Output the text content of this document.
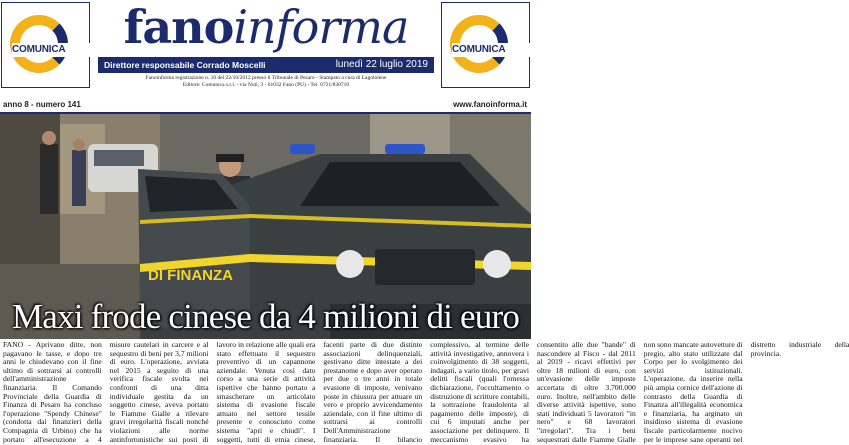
COMUNICA	fanoinforma
Direttore responsabile Corrado Moscelli	lunedì 22 luglio 2019
Fanoinforma registrazione n. 10 del 22/10/2012 presso il Tribunale di Pesaro - Stampato a cura di Lagotolene
Editore: Comunica s.r.l. - via Nuti, 3 - 61032 Fano (PU) - Tel. 0721/830710
COMUNICA
anno 8 - numero 141	www.fanoinforma.it
DI FINANZA
Maxi frode cinese da 4 milioni di euro
FANO - Aprivano ditte, non pagavano le tasse, e dopo tre anni le chiudevano con il fine ultimo di sottrarsi ai controlli dell'amministrazione finanziaria. Il Comando Provinciale della Guardia di Finanza di Pesaro ha concluso l'operazione "Spendy Chinese" (condotta dai finanzieri della Compagnia di Urbino) che ha portato all'esecuzione a 4 misure cautelari in carcere e al sequestro di beni per 3,7 milioni di euro. L'operazione, avviata nel 2015 a seguito di una verifica fiscale svolta nei confronti di una ditta individuale gestita da un soggetto cinese, aveva portato le Fiamme Gialle a rilevare gravi irregolarità fiscali nonché violazioni alle norme antinfortunistiche sui posti di lavoro in relazione alle quali era stato effettuato il sequestro preventivo di un capannone aziendale. Venuta così dato corso a una serie di attività ispettive che hanno portato a smascherare un articolato sistema di evasione fiscale attuato nel settore tessile presente e conosciuto come sistema "apri e chiudi". I soggetti, tutti di etnia cinese, facenti parte di due distinte associazioni delinquenziali, gestivano ditte intestate a dei prestanome e dopo aver operato per due o tre anni in totale evasione di imposte, venivano poste in chiusura per attuare un vero e proprio avvicendamento aziendale, con il fine ultimo di sottrarsi ai controlli Dell'Amministrazione finanziaria. Il bilancio complessivo, al termine delle attività investigative, annovera i coinvolgimento di 38 soggetti, indagati, a vario titolo, per gravi delitti fiscali (quali l'omessa dichiarazione, l'occultamento o distruzione di scritture contabili, la sottrazione fraudolenta al pagamento delle imposte), di cui 6 imputati anche per associazione per delinquere. Il meccanismo evasivo ha consentito alle due "bande" di nascondere al Fisco - dal 2011 al 2019 - ricavi effettivi per oltre 18 milioni di euro, con un'evasione delle imposte accertata di oltre 3.700.000 euro. Inoltre, nell'ambito delle diverse attività ispettive, sono stati individuati 5 lavoratori "in nero" e 68 lavoratori "irregolari". Tra i beni sequestrati dalle Fiamme Gialle non sono mancate autovetture di pregio, alto stato utilizzate dal Corpo per lo svolgimento dei servizi istituzionali. L'operazione, da inserire nella più ampia cornice dell'azione di contrasto della Guardia di Finanza all'illegalità economica e finanziaria, ha arginato un insidioso sistema di evasione fiscale particolarmente nocivo per le imprese sane operanti nel distretto industriale della provincia.
